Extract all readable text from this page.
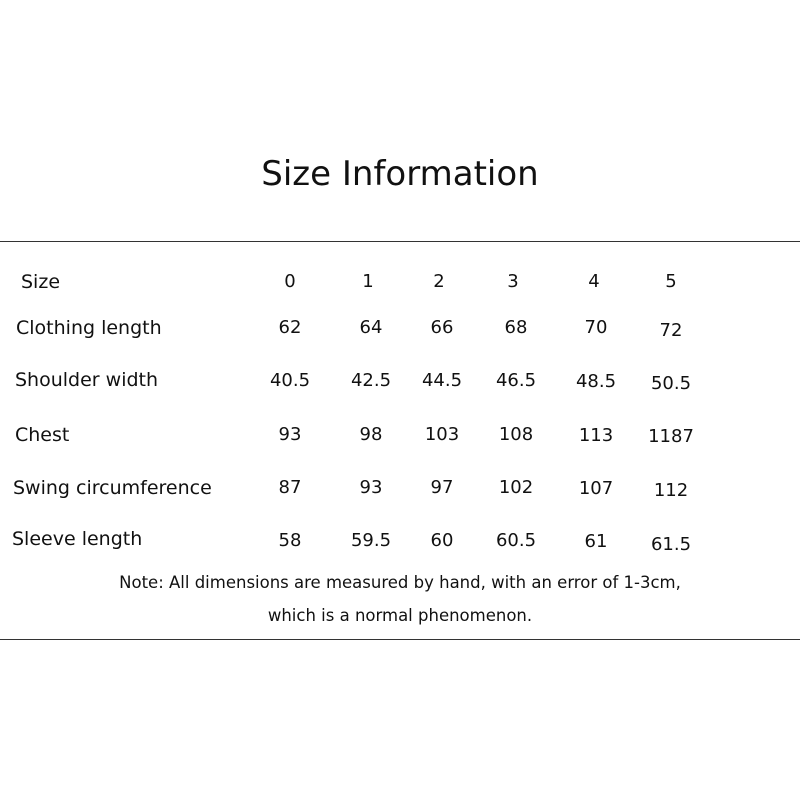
Size Information
Size	0	1	2	3	4	5
Clothing length	62	64	66	68	70	72
Shoulder width	40.5 42.5 44.5 46.5 48.5 50.5
Chest	93	98 103 108	113 1187
Swing circumference	87	93	97	102	107 112
Sleeve length	58	59.5 60 60.5	61 61.5
Note: All dimensions are measured by hand, with an error of 1-3cm,
which is a normal phenomenon.
